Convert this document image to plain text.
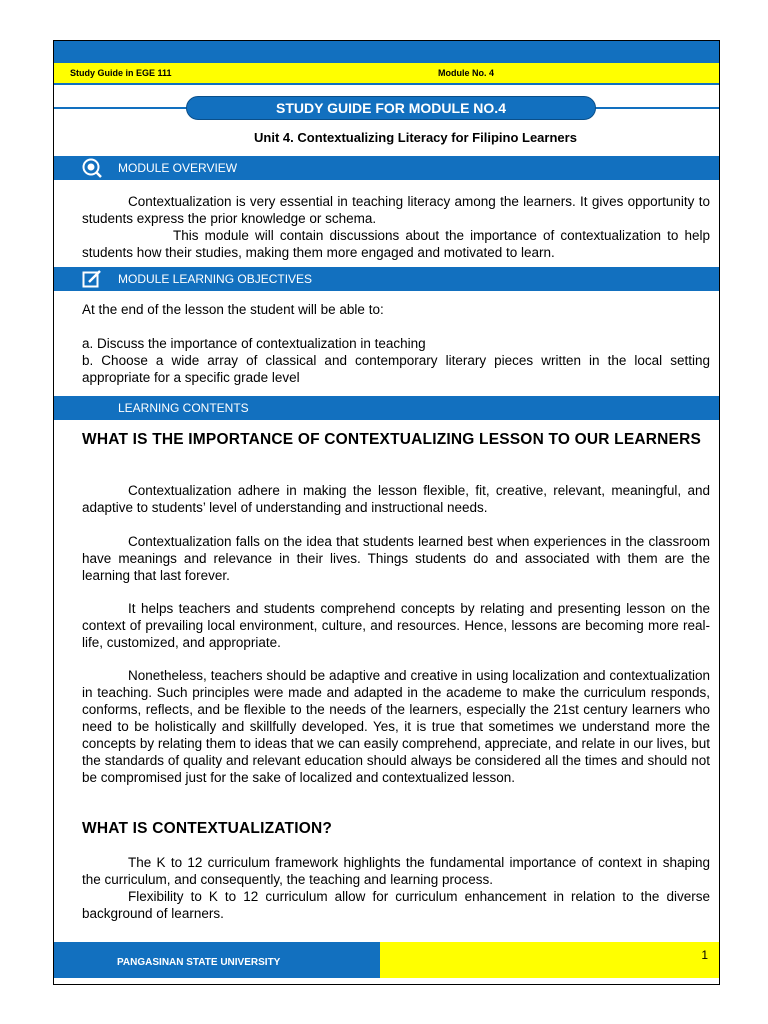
Study Guide in EGE 111	Module No. 4
STUDY GUIDE FOR MODULE NO.4
Unit 4. Contextualizing Literacy for Filipino Learners
MODULE OVERVIEW
Contextualization is very essential in teaching literacy among the learners. It gives opportunity to students express the prior knowledge or schema.
This module will contain discussions about the importance of contextualization to help students how their studies, making them more engaged and motivated to learn.
MODULE LEARNING OBJECTIVES
At the end of the lesson the student will be able to:
a. Discuss the importance of contextualization in teaching
b. Choose a wide array of classical and contemporary literary pieces written in the local setting appropriate for a specific grade level
LEARNING CONTENTS
WHAT IS THE IMPORTANCE OF CONTEXTUALIZING LESSON TO OUR LEARNERS
Contextualization adhere in making the lesson flexible, fit, creative, relevant, meaningful, and adaptive to students’ level of understanding and instructional needs.
Contextualization falls on the idea that students learned best when experiences in the classroom have meanings and relevance in their lives. Things students do and associated with them are the learning that last forever.
It helps teachers and students comprehend concepts by relating and presenting lesson on the context of prevailing local environment, culture, and resources. Hence, lessons are becoming more real-life, customized, and appropriate.
Nonetheless, teachers should be adaptive and creative in using localization and contextualization in teaching. Such principles were made and adapted in the academe to make the curriculum responds, conforms, reflects, and be flexible to the needs of the learners, especially the 21st century learners who need to be holistically and skillfully developed. Yes, it is true that sometimes we understand more the concepts by relating them to ideas that we can easily comprehend, appreciate, and relate in our lives, but the standards of quality and relevant education should always be considered all the times and should not be compromised just for the sake of localized and contextualized lesson.
WHAT IS CONTEXTUALIZATION?
The K to 12 curriculum framework highlights the fundamental importance of context in shaping the curriculum, and consequently, the teaching and learning process.
Flexibility to K to 12 curriculum allow for curriculum enhancement in relation to the diverse background of learners.
PANGASINAN STATE UNIVERSITY
1
